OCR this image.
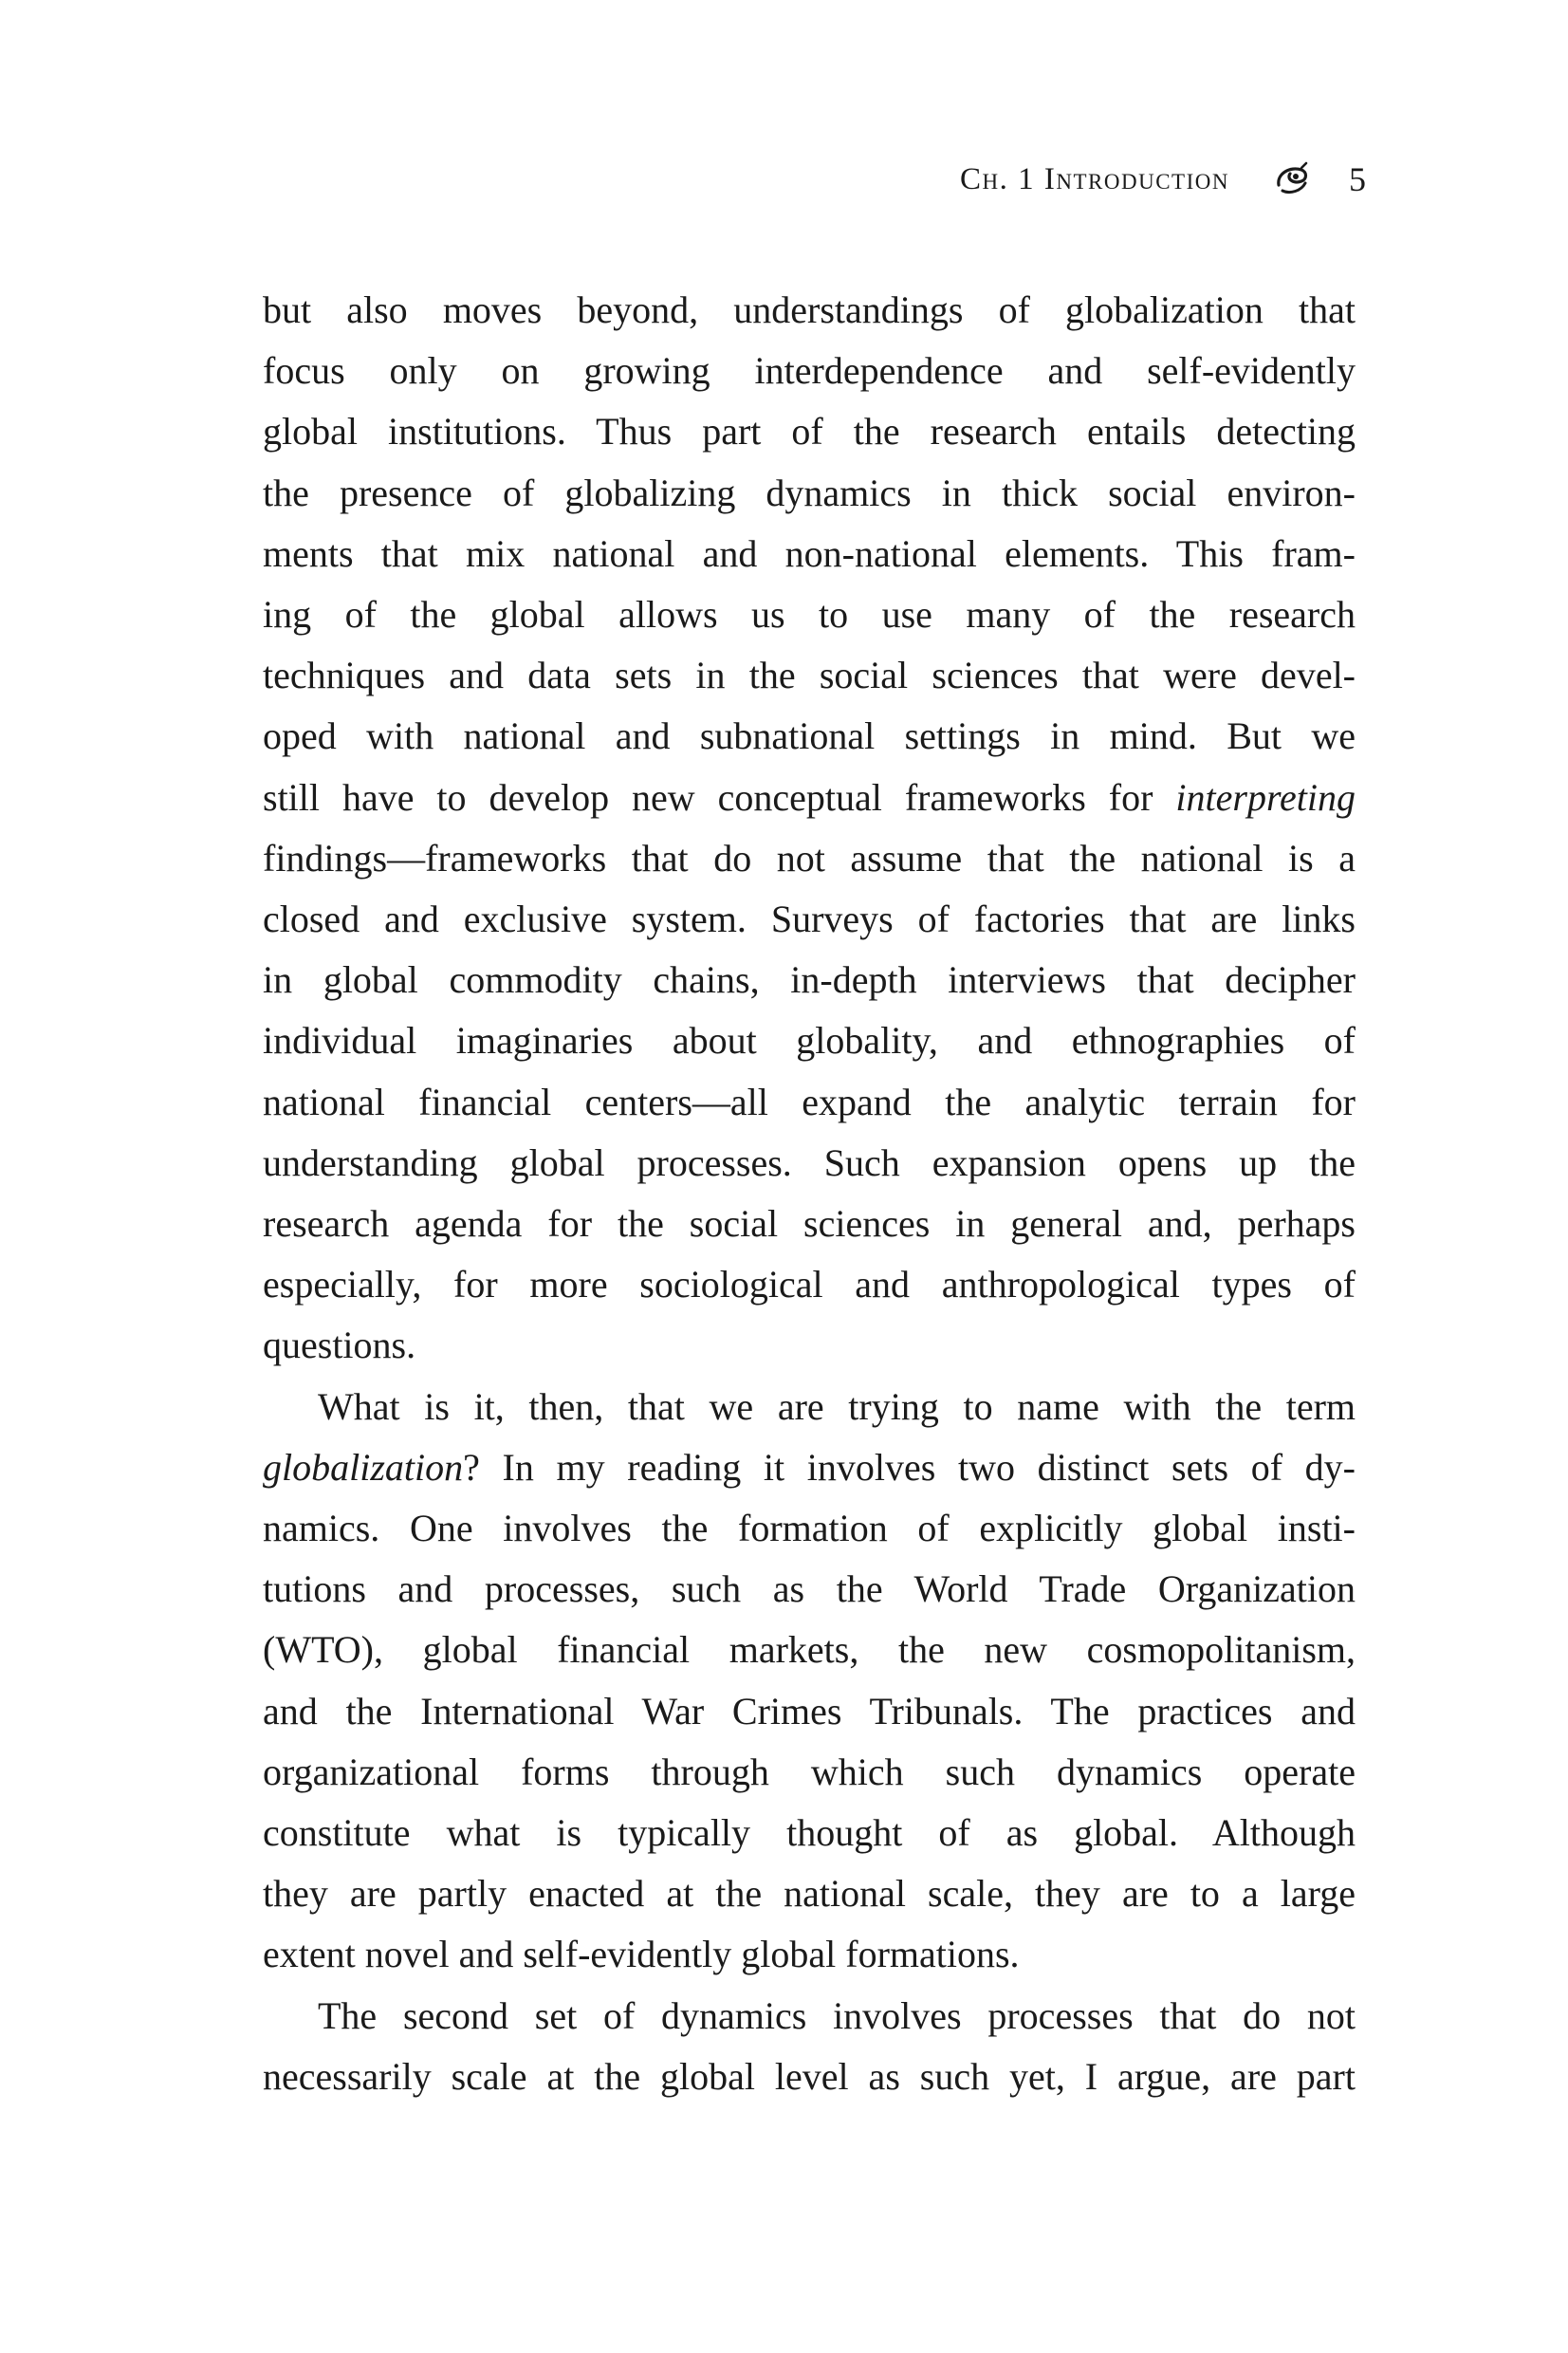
Ch. 1 Introduction	5

but also moves beyond, understandings of globalization that
focus only on growing interdependence and self-evidently
global institutions. Thus part of the research entails detecting
the presence of globalizing dynamics in thick social environ-
ments that mix national and non-national elements. This fram-
ing of the global allows us to use many of the research
techniques and data sets in the social sciences that were devel-
oped with national and subnational settings in mind. But we
still have to develop new conceptual frameworks for interpreting
findings—frameworks that do not assume that the national is a
closed and exclusive system. Surveys of factories that are links
in global commodity chains, in-depth interviews that decipher
individual imaginaries about globality, and ethnographies of
national financial centers—all expand the analytic terrain for
understanding global processes. Such expansion opens up the
research agenda for the social sciences in general and, perhaps
especially, for more sociological and anthropological types of
questions.

What is it, then, that we are trying to name with the term
globalization? In my reading it involves two distinct sets of dy-
namics. One involves the formation of explicitly global insti-
tutions and processes, such as the World Trade Organization
(WTO), global financial markets, the new cosmopolitanism,
and the International War Crimes Tribunals. The practices and
organizational forms through which such dynamics operate
constitute what is typically thought of as global. Although
they are partly enacted at the national scale, they are to a large
extent novel and self-evidently global formations.

The second set of dynamics involves processes that do not
necessarily scale at the global level as such yet, I argue, are part
